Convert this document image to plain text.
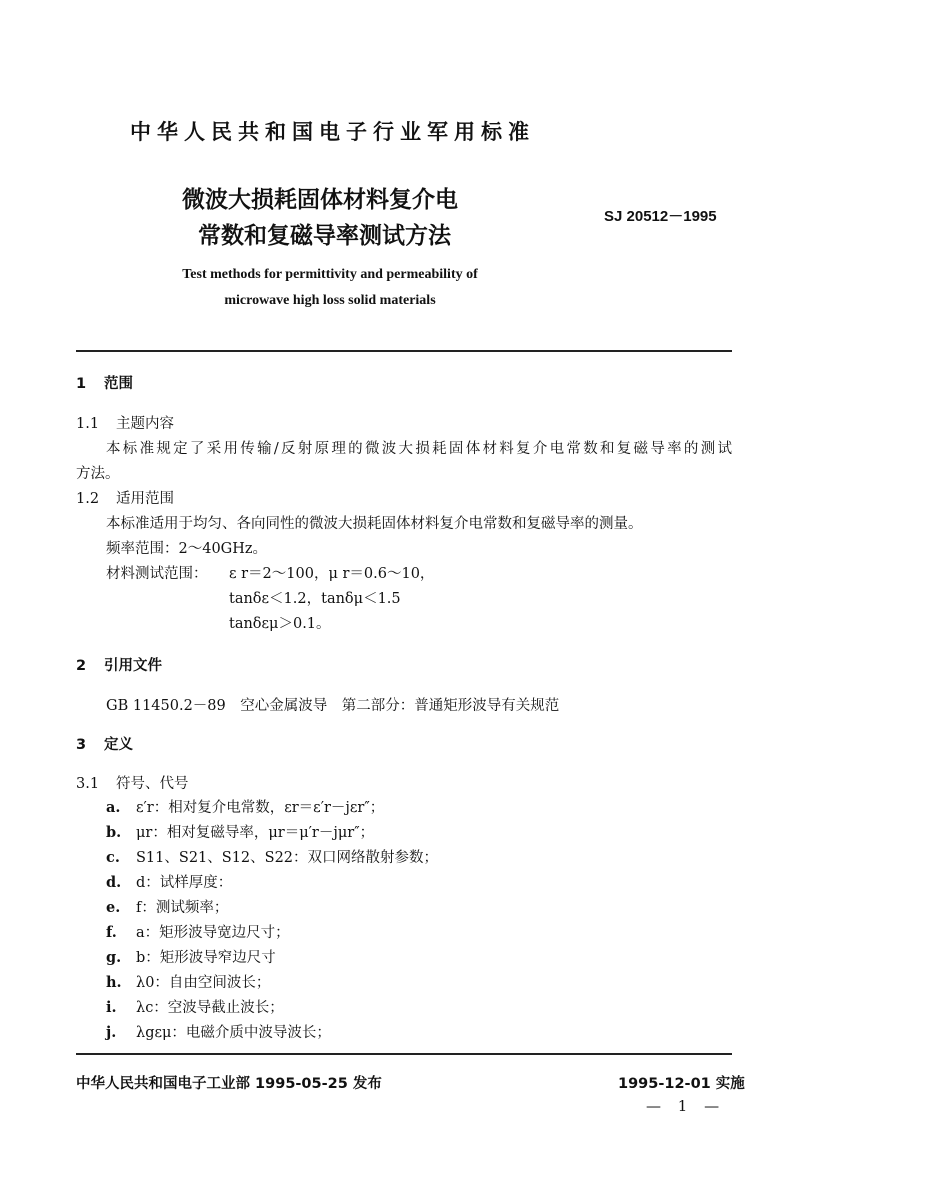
中华人民共和国电子行业军用标准
微波大损耗固体材料复介电
常数和复磁导率测试方法
SJ 20512－1995
Test methods for permittivity and permeability of
microwave high loss solid materials
1 范围
1.1 主题内容
本标准规定了采用传输/反射原理的微波大损耗固体材料复介电常数和复磁导率的测试
方法。
1.2 适用范围
本标准适用于均匀、各向同性的微波大损耗固体材料复介电常数和复磁导率的测量。
频率范围：2～40GHz。
材料测试范围： ε r＝2～100，μ r＝0.6～10，
tanδε＜1.2，tanδμ＜1.5
tanδεμ＞0.1。
2 引用文件
GB 11450.2－89　空心金属波导　第二部分：普通矩形波导有关规范
3 定义
3.1 符号、代号
a. ε′r：相对复介电常数，εr＝ε′r－jεr″；
b. μr：相对复磁导率，μr＝μ′r－jμr″；
c. S11、S21、S12、S22：双口网络散射参数；
d. d：试样厚度：
e. f：测试频率；
f. a：矩形波导宽边尺寸；
g. b：矩形波导窄边尺寸
h. λ0：自由空间波长；
i. λc：空波导截止波长；
j. λgεμ：电磁介质中波导波长；
中华人民共和国电子工业部 1995-05-25 发布	1995-12-01 实施
— 1 —
